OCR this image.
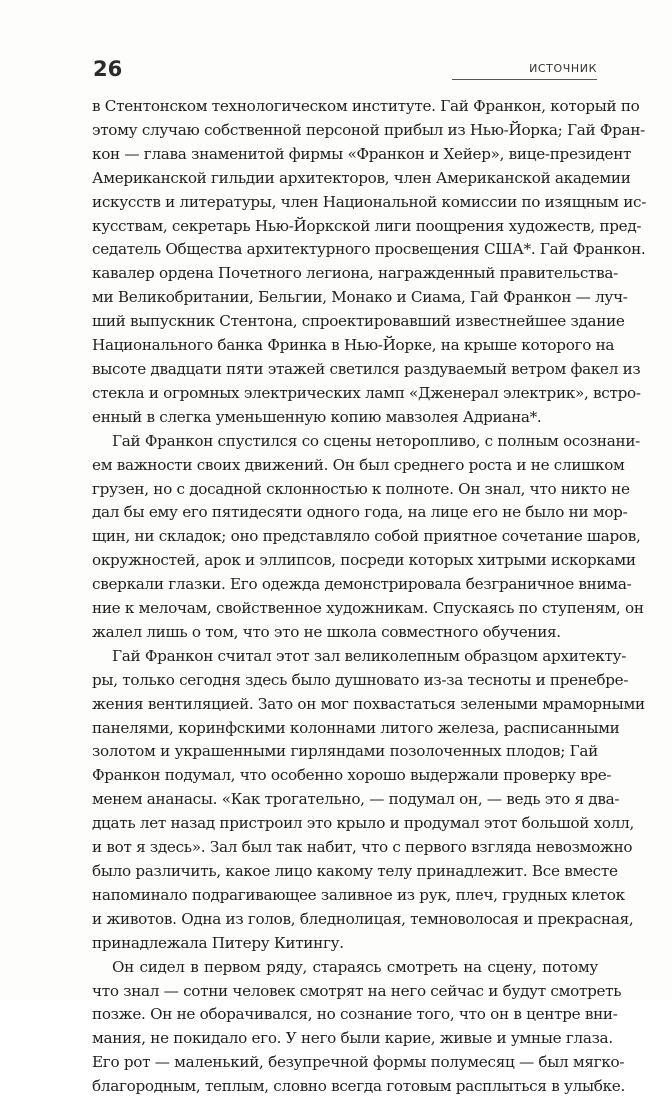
26	ИСТОЧНИК
в Стентонском технологическом институте. Гай Франкон, который по
этому случаю собственной персоной прибыл из Нью-Йорка; Гай Фран-
кон — глава знаменитой фирмы «Франкон и Хейер», вице-президент
Американской гильдии архитекторов, член Американской академии
искусств и литературы, член Национальной комиссии по изящным ис-
кусствам, секретарь Нью-Йоркской лиги поощрения художеств, пред-
седатель Общества архитектурного просвещения США*. Гай Франкон.
кавалер ордена Почетного легиона, награжденный правительства-
ми Великобритании, Бельгии, Монако и Сиама, Гай Франкон — луч-
ший выпускник Стентона, спроектировавший известнейшее здание
Национального банка Фринка в Нью-Йорке, на крыше которого на
высоте двадцати пяти этажей светился раздуваемый ветром факел из
стекла и огромных электрических ламп «Дженерал электрик», встро-
енный в слегка уменьшенную копию мавзолея Адриана*.
Гай Франкон спустился со сцены неторопливо, с полным осознани-
ем важности своих движений. Он был среднего роста и не слишком
грузен, но с досадной склонностью к полноте. Он знал, что никто не
дал бы ему его пятидесяти одного года, на лице его не было ни мор-
щин, ни складок; оно представляло собой приятное сочетание шаров,
окружностей, арок и эллипсов, посреди которых хитрыми искорками
сверкали глазки. Его одежда демонстрировала безграничное внима-
ние к мелочам, свойственное художникам. Спускаясь по ступеням, он
жалел лишь о том, что это не школа совместного обучения.
Гай Франкон считал этот зал великолепным образцом архитекту-
ры, только сегодня здесь было душновато из-за тесноты и пренебре-
жения вентиляцией. Зато он мог похвастаться зелеными мраморными
панелями, коринфскими колоннами литого железа, расписанными
золотом и украшенными гирляндами позолоченных плодов; Гай
Франкон подумал, что особенно хорошо выдержали проверку вре-
менем ананасы. «Как трогательно, — подумал он, — ведь это я два-
дцать лет назад пристроил это крыло и продумал этот большой холл,
и вот я здесь». Зал был так набит, что с первого взгляда невозможно
было различить, какое лицо какому телу принадлежит. Все вместе
напоминало подрагивающее заливное из рук, плеч, грудных клеток
и животов. Одна из голов, бледнолицая, темноволосая и прекрасная,
принадлежала Питеру Китингу.
Он сидел в первом ряду, стараясь смотреть на сцену, потому
что знал — сотни человек смотрят на него сейчас и будут смотреть
позже. Он не оборачивался, но сознание того, что он в центре вни-
мания, не покидало его. У него были карие, живые и умные глаза.
Его рот — маленький, безупречной формы полумесяц — был мягко-
благородным, теплым, словно всегда готовым расплыться в улыбке.
